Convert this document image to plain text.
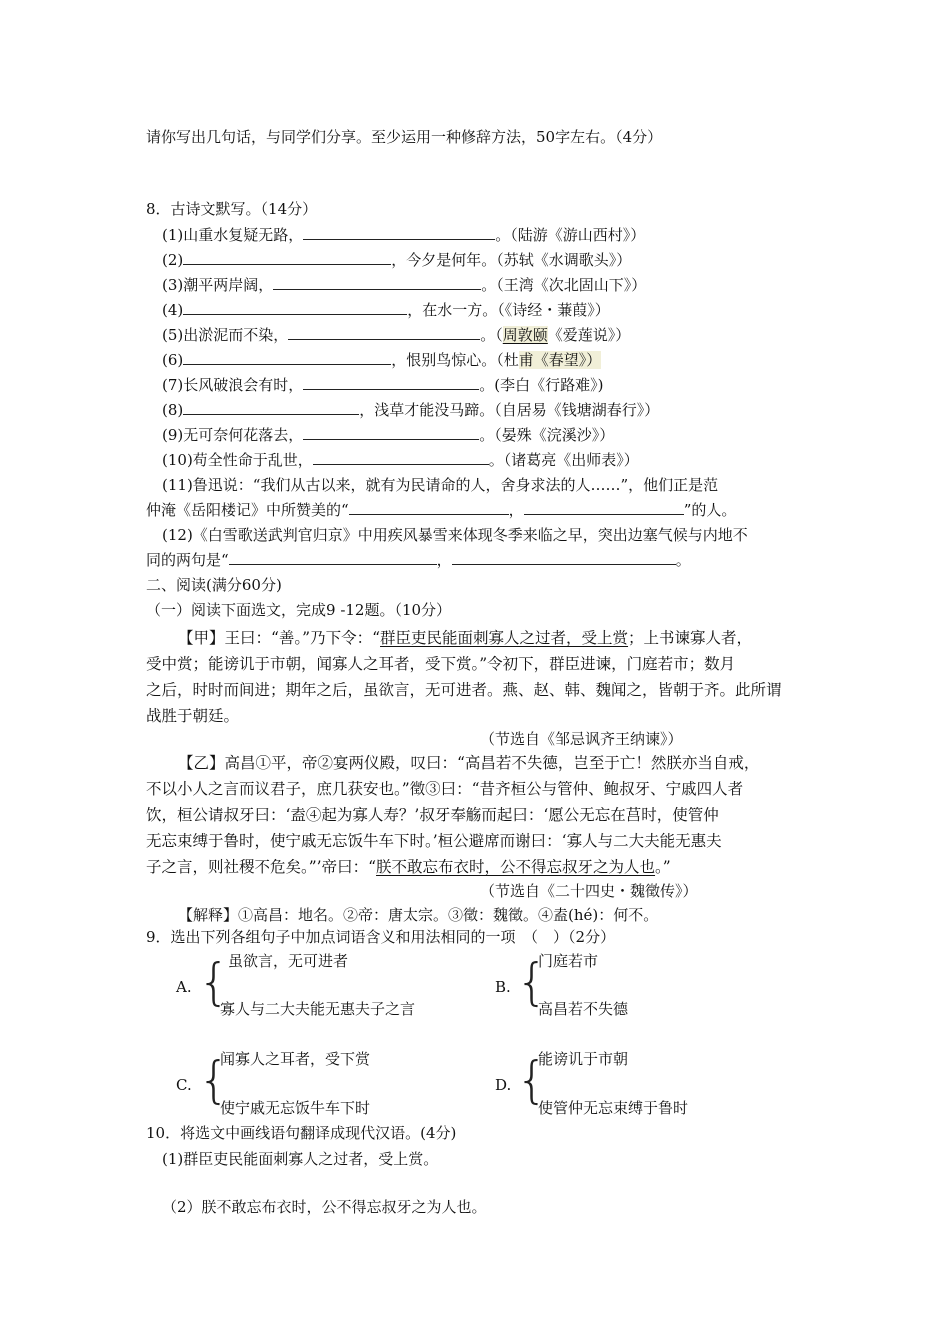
请你写出几句话，与同学们分享。至少运用一种修辞方法，50字左右。（4分）
8．古诗文默写。（14分）
(1)山重水复疑无路，	。（陆游《游山西村》）
(2)	，今夕是何年。（苏轼《水调歌头》）
(3)潮平两岸阔，	。（王湾《次北固山下》）
(4)	，在水一方。（《诗经・蒹葭》）
(5)出淤泥而不染，	。（周敦颐《爱莲说》）
(6)	，恨别鸟惊心。（杜甫《春望》）
(7)长风破浪会有时，	。(李白《行路难》)
(8)	，浅草才能没马蹄。（自居易《钱塘湖春行》）
(9)无可奈何花落去，	。（晏殊《浣溪沙》）
(10)苟全性命于乱世，	。（诸葛亮《出师表》）
(11)鲁迅说：“我们从古以来，就有为民请命的人，舍身求法的人……”，他们正是范
仲淹《岳阳楼记》中所赞美的“	，	”的人。
(12)《白雪歌送武判官归京》中用疾风暴雪来体现冬季来临之早，突出边塞气候与内地不
同的两句是“	，	。
二、阅读(满分60分)
（一）阅读下面选文，完成9 -12题。（10分）
【甲】王曰：“善。”乃下令：“群臣吏民能面刺寡人之过者，受上赏；上书谏寡人者，
受中赏；能谤讥于市朝，闻寡人之耳者，受下赏。”令初下，群臣进谏，门庭若市；数月
之后，时时而间进；期年之后，虽欲言，无可进者。燕、赵、韩、魏闻之，皆朝于齐。此所谓
战胜于朝廷。
（节选自《邹忌讽齐王纳谏》）
【乙】高昌①平，帝②宴两仪殿，叹曰：“高昌若不失德，岂至于亡！然朕亦当自戒，
不以小人之言而议君子，庶几获安也。”徵③曰：“昔齐桓公与管仲、鲍叔牙、宁戚四人者
饮，桓公请叔牙曰：‘盍④起为寡人寿？’叔牙奉觞而起曰：‘愿公无忘在莒时，使管仲
无忘束缚于鲁时，使宁戚无忘饭牛车下时。’桓公避席而谢曰：‘寡人与二大夫能无惠夫
子之言，则社稷不危矣。”’帝曰：“朕不敢忘布衣时，公不得忘叔牙之为人也。”
（节选自《二十四史・魏徵传》）
【解释】①高昌：地名。②帝：唐太宗。③徵：魏徵。④盍(hé)：何不。
9．选出下列各组句子中加点词语含义和用法相同的一项　（　）（2分）
A. {
虽欲言，无可进者
寡人与二大夫能无惠夫子之言
B. {
门庭若市
高昌若不失德
C. {
闻寡人之耳者，受下赏
使宁戚无忘饭牛车下时
D. {
能谤讥于市朝
使管仲无忘束缚于鲁时
10．将选文中画线语句翻译成现代汉语。(4分)
(1)群臣吏民能面刺寡人之过者，受上赏。
（2）朕不敢忘布衣时，公不得忘叔牙之为人也。
